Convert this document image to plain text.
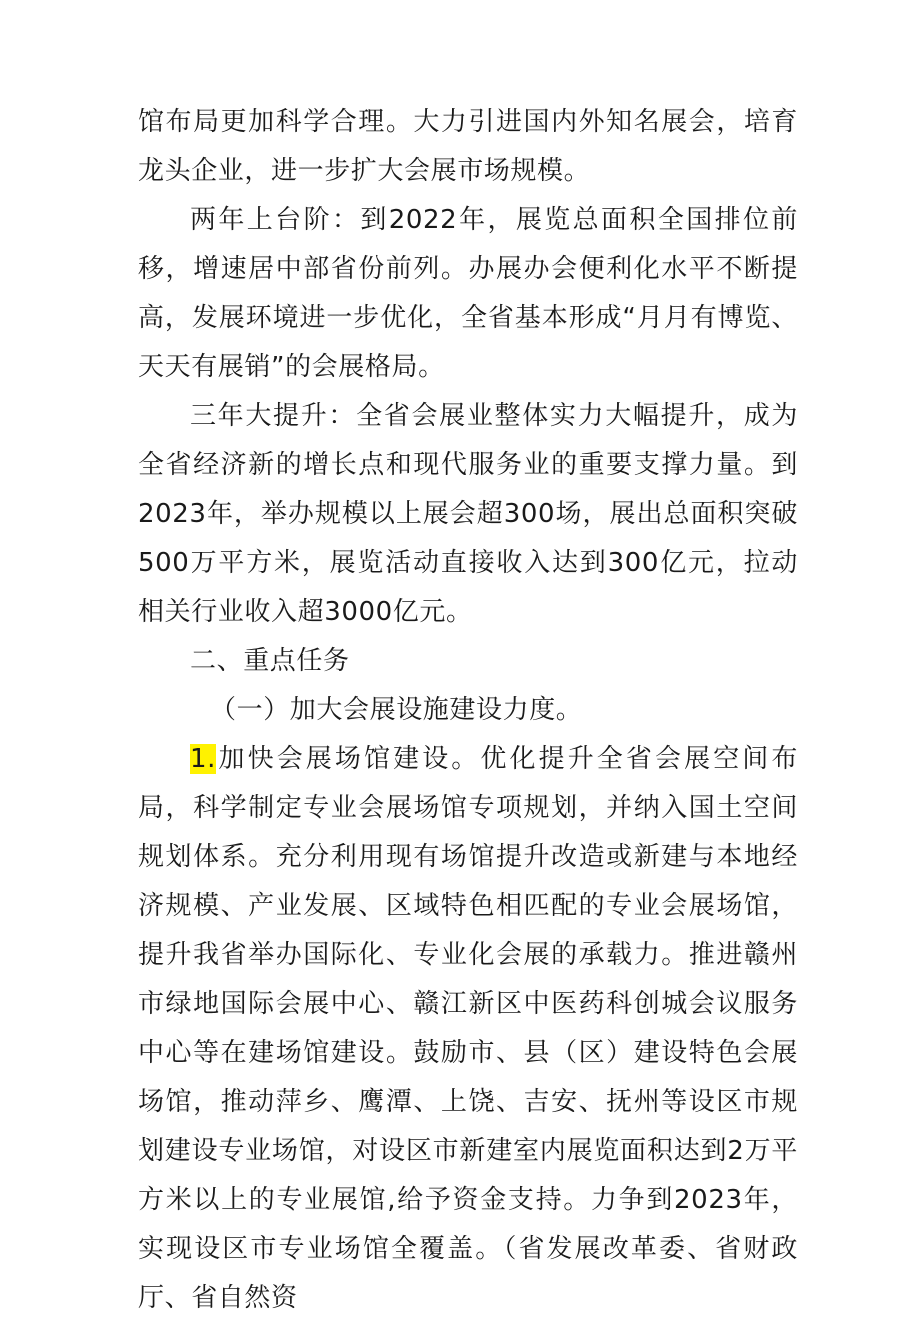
馆布局更加科学合理。大力引进国内外知名展会，培育龙头企业，进一步扩大会展市场规模。

两年上台阶：到2022年，展览总面积全国排位前移，增速居中部省份前列。办展办会便利化水平不断提高，发展环境进一步优化，全省基本形成“月月有博览、天天有展销”的会展格局。

三年大提升：全省会展业整体实力大幅提升，成为全省经济新的增长点和现代服务业的重要支撑力量。到2023年，举办规模以上展会超300场，展出总面积突破500万平方米，展览活动直接收入达到300亿元，拉动相关行业收入超3000亿元。

二、重点任务

（一）加大会展设施建设力度。

1.加快会展场馆建设。优化提升全省会展空间布局，科学制定专业会展场馆专项规划，并纳入国土空间规划体系。充分利用现有场馆提升改造或新建与本地经济规模、产业发展、区域特色相匹配的专业会展场馆，提升我省举办国际化、专业化会展的承载力。推进赣州市绿地国际会展中心、赣江新区中医药科创城会议服务中心等在建场馆建设。鼓励市、县（区）建设特色会展场馆，推动萍乡、鹰潭、上饶、吉安、抚州等设区市规划建设专业场馆，对设区市新建室内展览面积达到2万平方米以上的专业展馆,给予资金支持。力争到2023年，实现设区市专业场馆全覆盖。（省发展改革委、省财政厅、省自然资
